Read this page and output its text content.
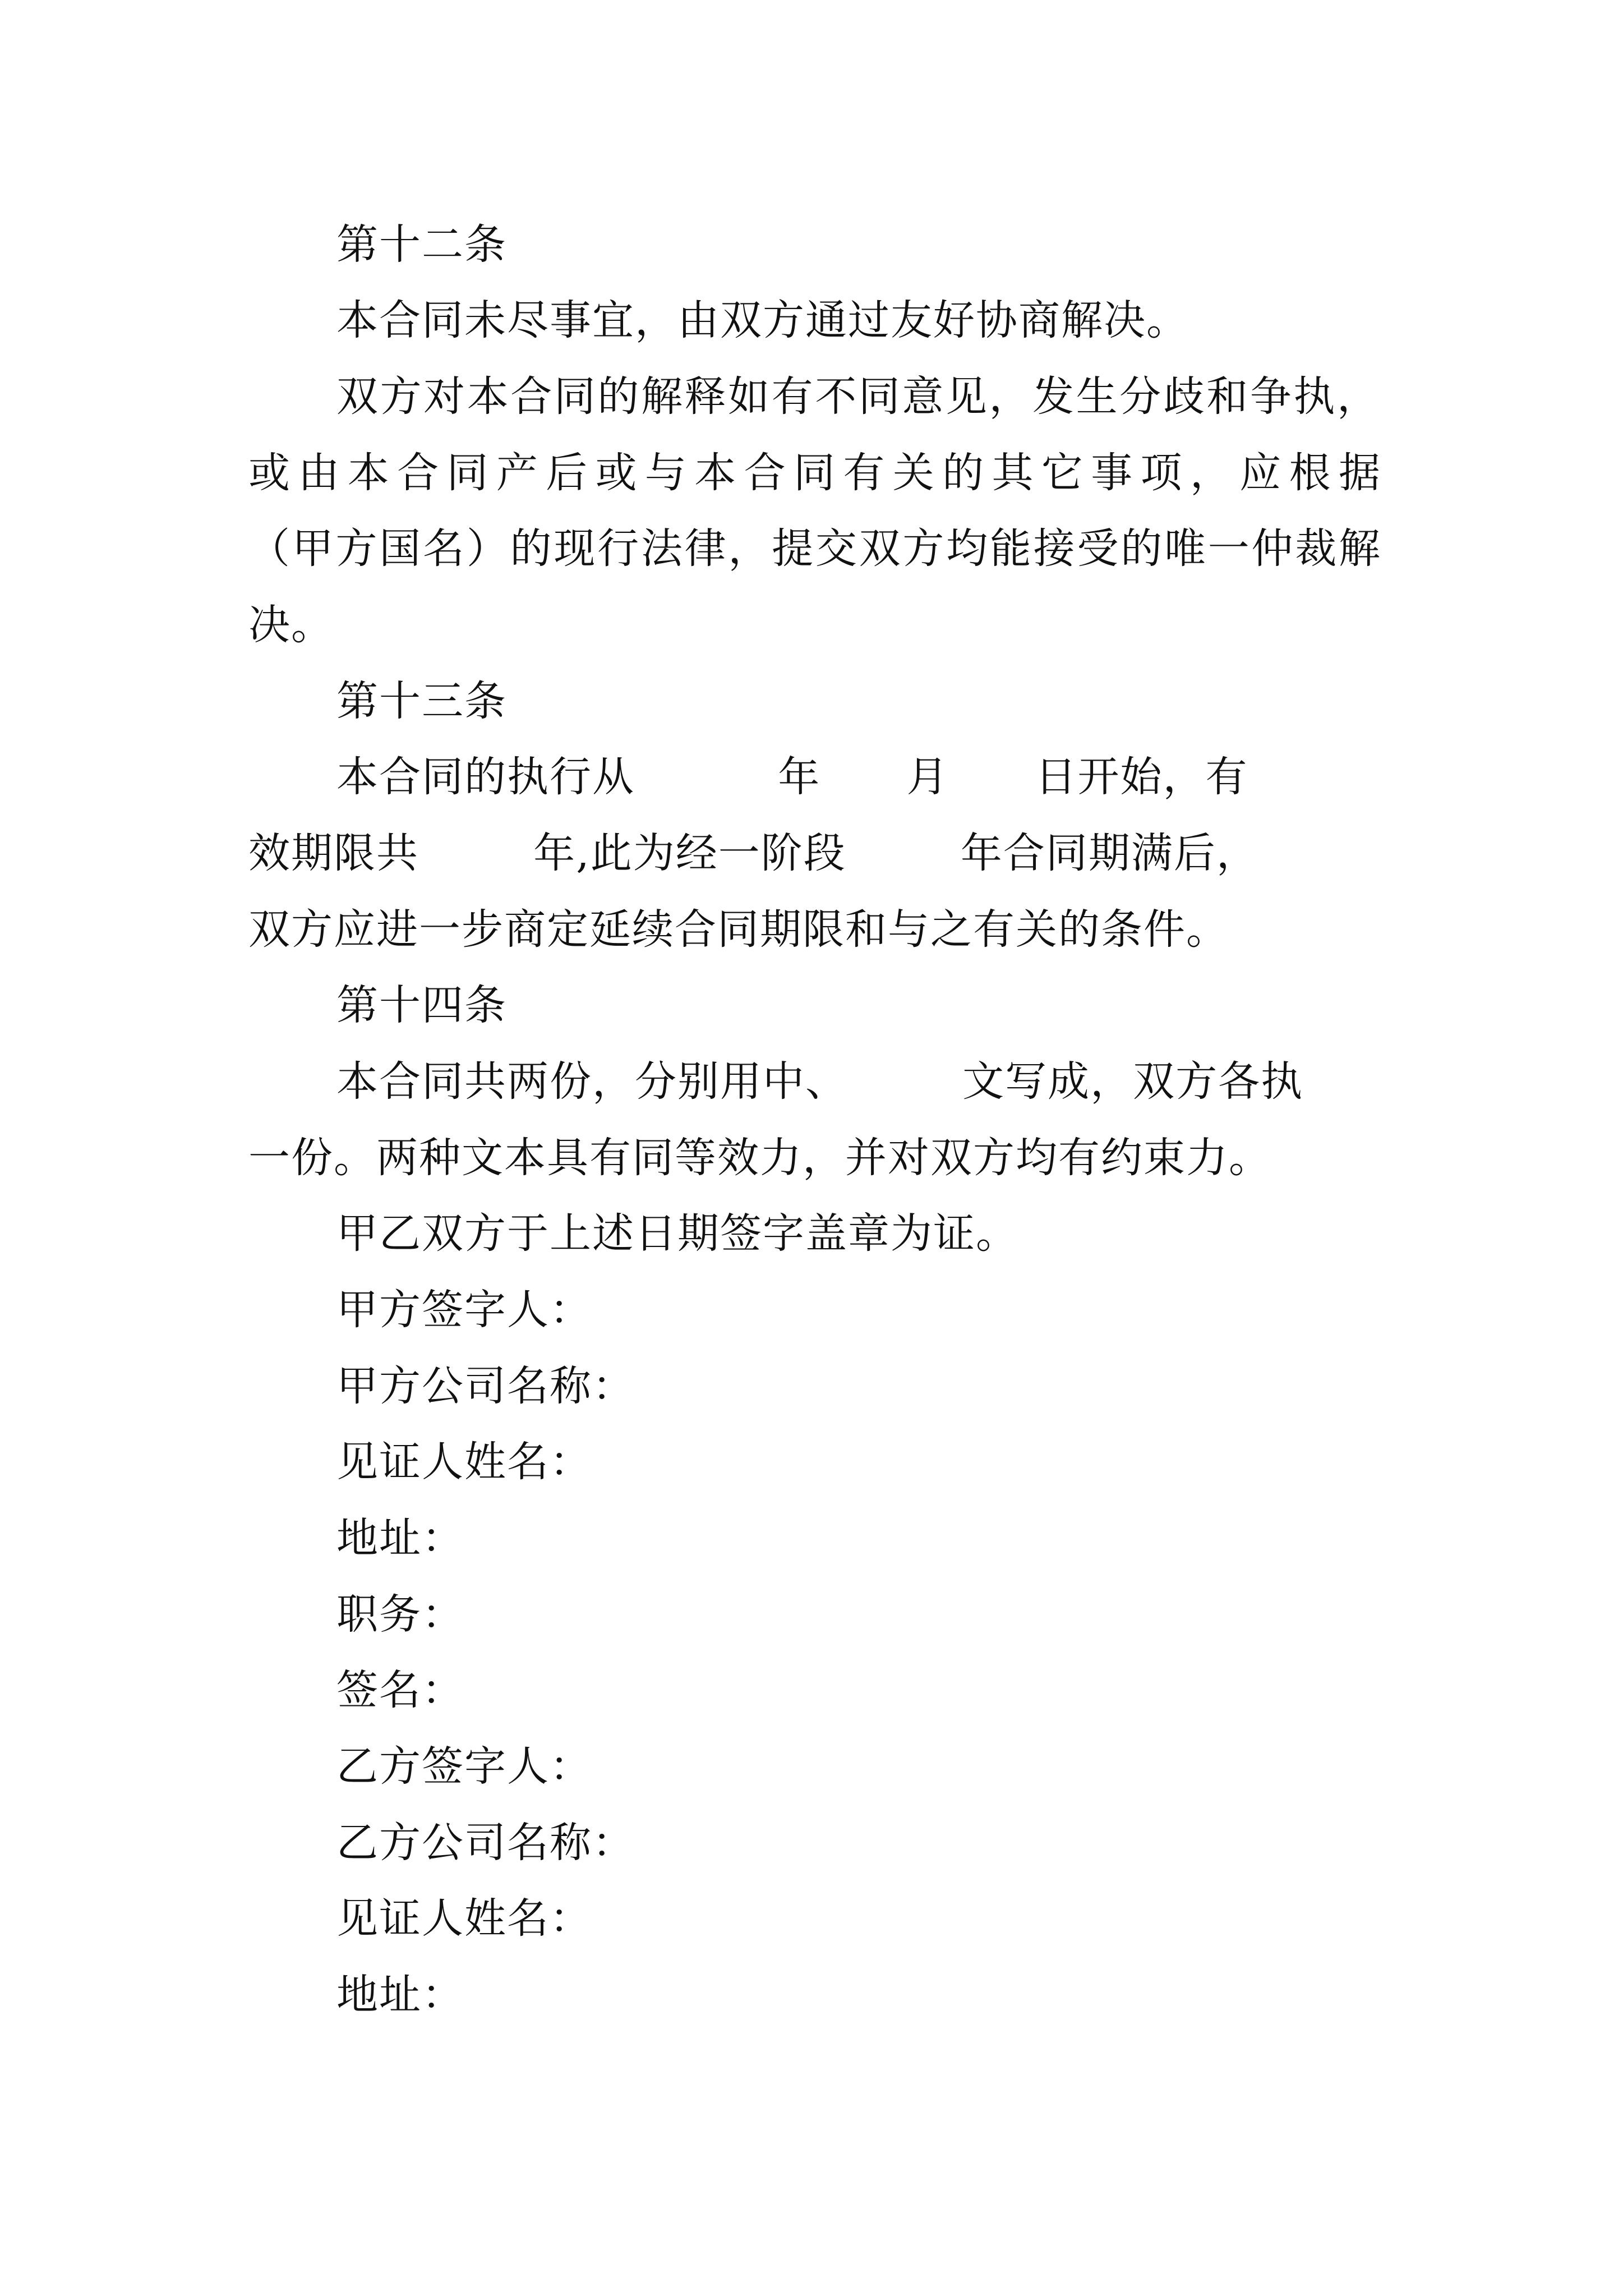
第十二条
本合同未尽事宜，由双方通过友好协商解决。
双方对本合同的解释如有不同意见，发生分歧和争执，
或由本合同产后或与本合同有关的其它事项，应根据
（甲方国名）的现行法律，提交双方均能接受的唯一仲裁解
决。
第十三条
本合同的执行从          年      月      日开始，有
效期限共        年,此为经一阶段        年合同期满后，
双方应进一步商定延续合同期限和与之有关的条件。
第十四条
本合同共两份，分别用中、        文写成，双方各执
一份。两种文本具有同等效力，并对双方均有约束力。
甲乙双方于上述日期签字盖章为证。
甲方签字人：
甲方公司名称：
见证人姓名：
地址：
职务：
签名：
乙方签字人：
乙方公司名称：
见证人姓名：
地址：
